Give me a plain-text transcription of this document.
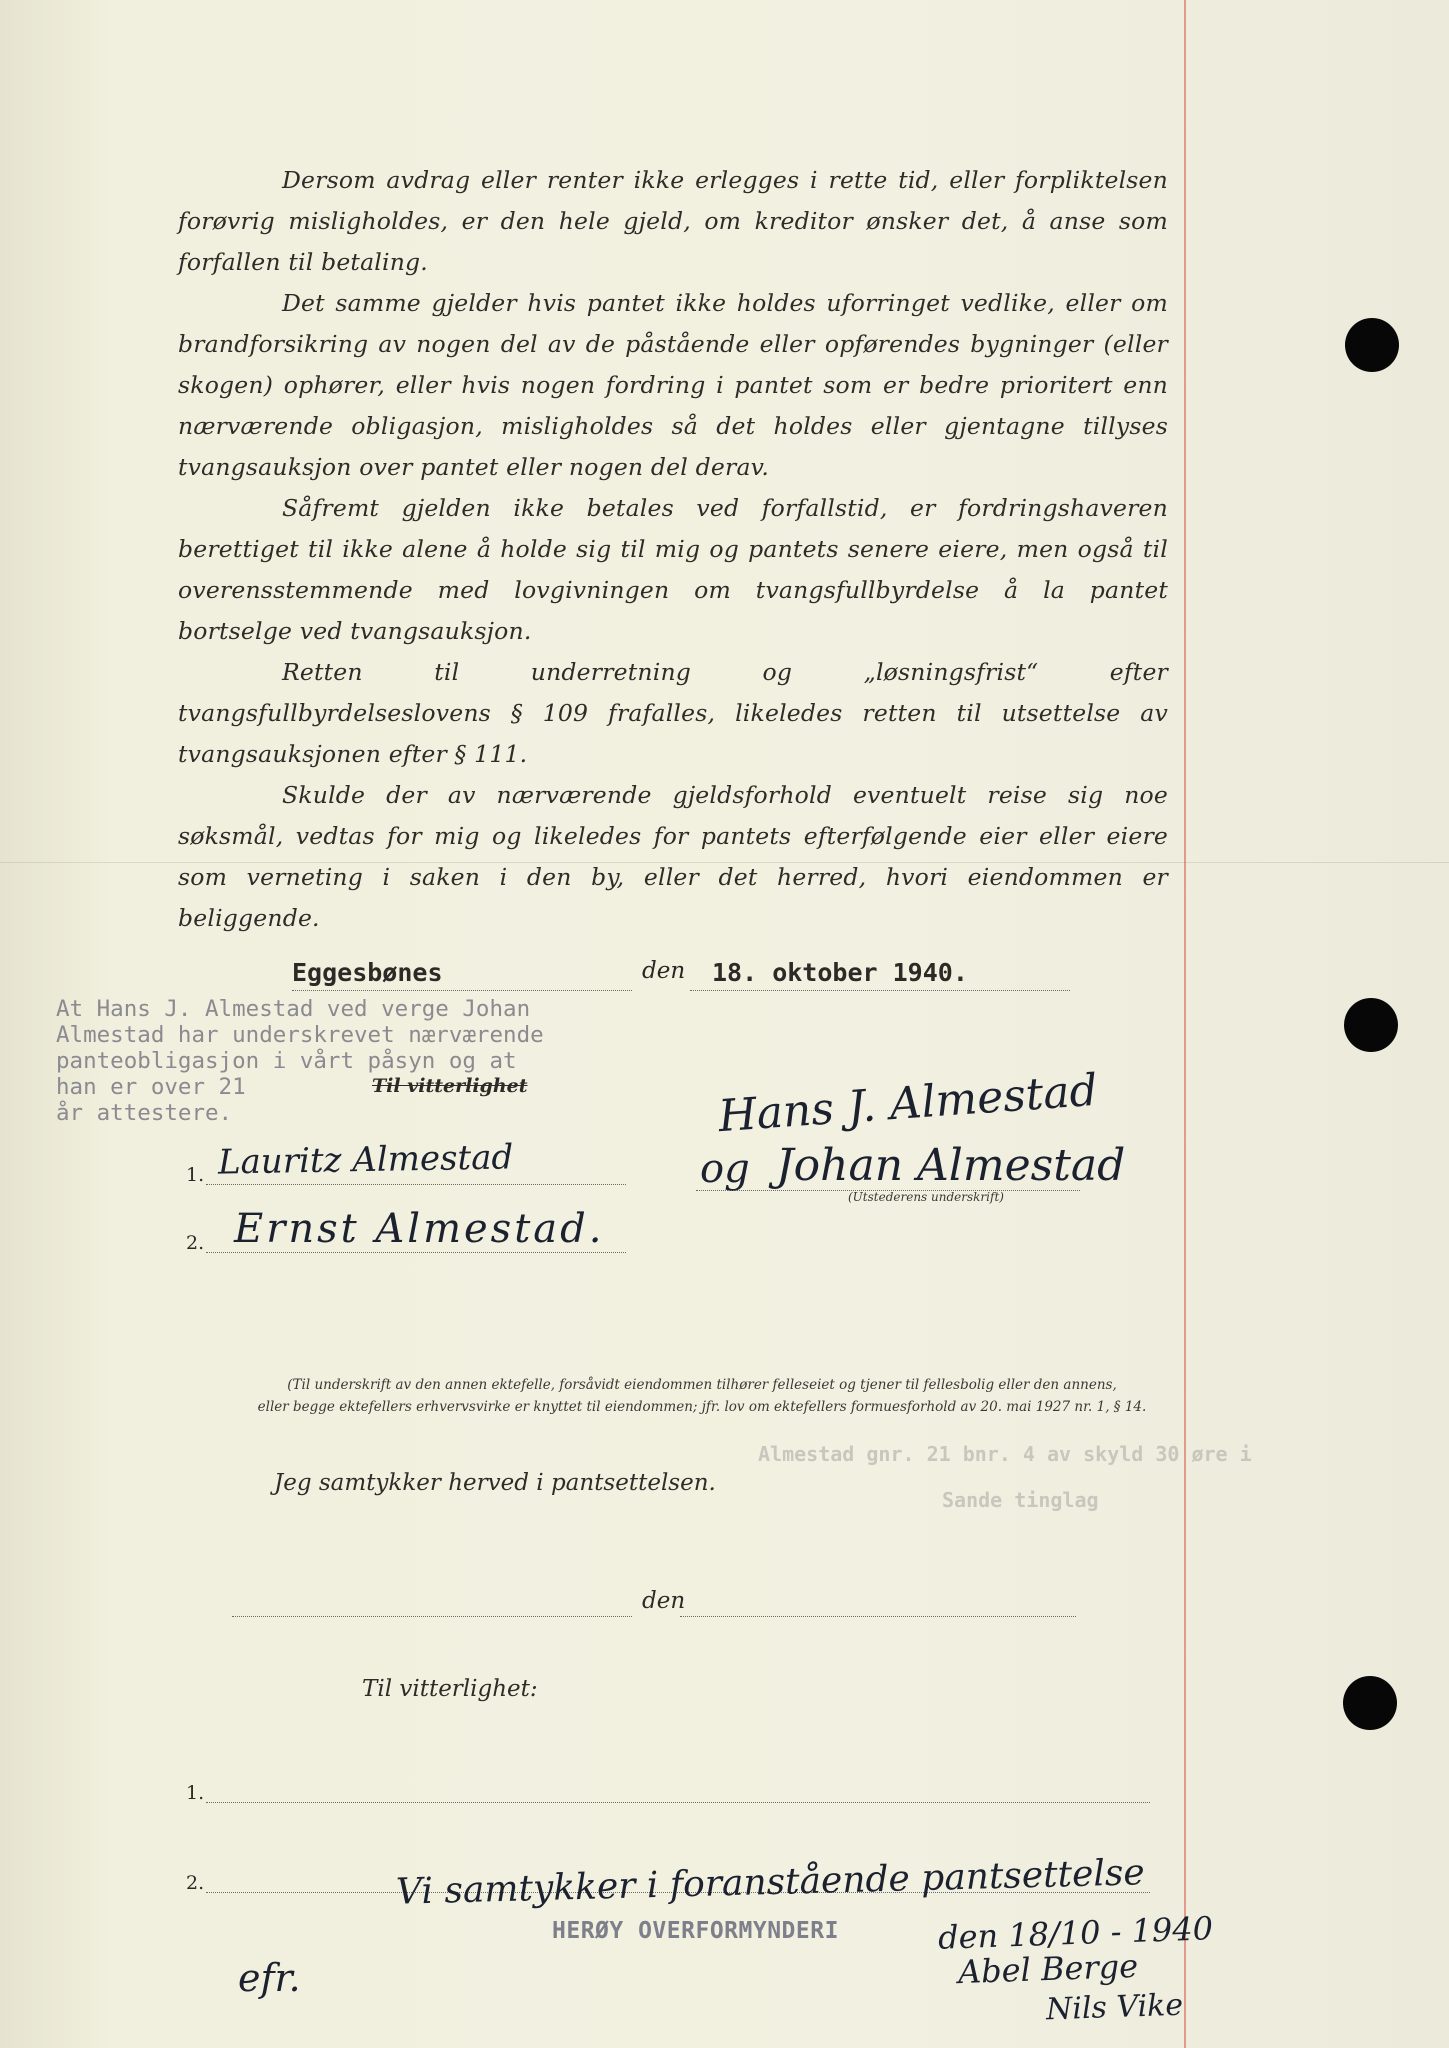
Dersom avdrag eller renter ikke erlegges i rette tid, eller forpliktelsen forøvrig misligholdes, er den hele gjeld, om kreditor ønsker det, å anse som forfallen til betaling.

Det samme gjelder hvis pantet ikke holdes uforringet vedlike, eller om brandforsikring av nogen del av de påstående eller opførendes bygninger (eller skogen) ophører, eller hvis nogen fordring i pantet som er bedre prioritert enn nærværende obligasjon, misligholdes så det holdes eller gjentagne tillyses tvangsauksjon over pantet eller nogen del derav.

Såfremt gjelden ikke betales ved forfallstid, er fordringshaveren berettiget til ikke alene å holde sig til mig og pantets senere eiere, men også til overensstemmende med lovgivningen om tvangsfullbyrdelse å la pantet bortselge ved tvangsauksjon.

Retten til underretning og „løsningsfrist“ efter tvangsfullbyrdelseslovens § 109 frafalles, likeledes retten til utsettelse av tvangsauksjonen efter § 111.

Skulde der av nærværende gjeldsforhold eventuelt reise sig noe søksmål, vedtas for mig og likeledes for pantets efterfølgende eier eller eiere som verneting i saken i den by, eller det herred, hvori eiendommen er beliggende.

Eggesbønes	den 18. oktober 1940.
At Hans J. Almestad ved verge Johan
Almestad har underskrevet nærværende
panteobligasjon i vårt påsyn og at
han er over 21
år attestere.
Til vitterlighet
1.
2.
Lauritz Almestad
Ernst Almestad.
Hans J. Almestad
og Johan Almestad
(Utstederens underskrift)

(Til underskrift av den annen ektefelle, forsåvidt eiendommen tilhører felleseiet og tjener til fellesbolig eller den annens,

eller begge ektefellers erhvervsvirke er knyttet til eiendommen; jfr. lov om ektefellers formuesforhold av 20. mai 1927 nr. 1, § 14.

Almestad gnr. 21 bnr. 4 av skyld 30 øre i
Sande tinglag
Jeg samtykker herved i pantsettelsen.
den
Til vitterlighet:
1.
2.	Vi samtykker i foranstående pantsettelse
den 18/10 - 1940
Abel Berge
Nils Vike
efr.
HERØY OVERFORMYNDERI
